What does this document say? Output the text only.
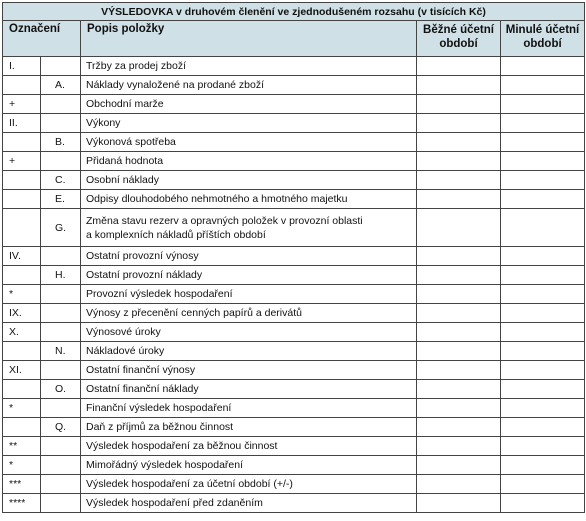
VÝSLEDOVKA v druhovém členění ve zjednodušeném rozsahu (v tisících Kč)				
Označení		Popis položky	Běžné účetní období	Minulé účetní období
I.		Tržby za prodej zboží		

	A.	Náklady vynaložené na prodané zboží		

+		Obchodní marže		

II.		Výkony		

	B.	Výkonová spotřeba		

+		Přidaná hodnota		

	C.	Osobní náklady		

	E.	Odpisy dlouhodobého nehmotného a hmotného majetku		

	G.	Změna stavu rezerv a opravných položek v provozní oblasti
a komplexních nákladů příštích období		

IV.		Ostatní provozní výnosy		

	H.	Ostatní provozní náklady		

*		Provozní výsledek hospodaření		

IX.		Výnosy z přecenění cenných papírů a derivátů		

X.		Výnosové úroky		

	N.	Nákladové úroky		

XI.		Ostatní finanční výnosy		

	O.	Ostatní finanční náklady		

*		Finanční výsledek hospodaření		

	Q.	Daň z příjmů za běžnou činnost		

**		Výsledek hospodaření za běžnou činnost		

*		Mimořádný výsledek hospodaření		

***		Výsledek hospodaření za účetní období (+/-)		

****		Výsledek hospodaření před zdaněním		
